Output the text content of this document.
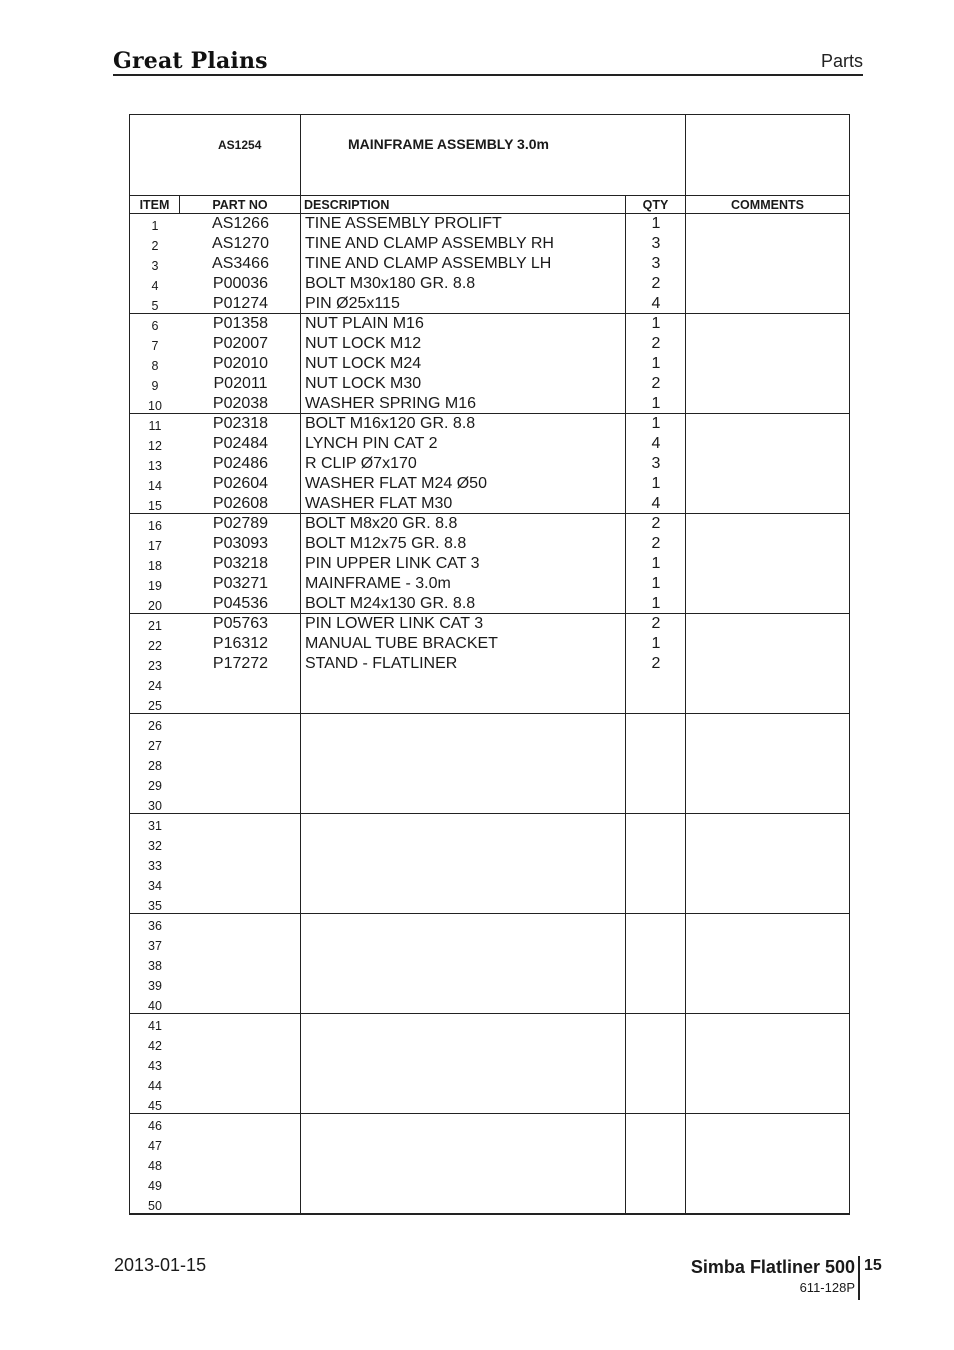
Great Plains	Parts
AS1254	MAINFRAME ASSEMBLY 3.0m
ITEM	PART NO	DESCRIPTION	QTY	COMMENTS
1	AS1266	TINE ASSEMBLY PROLIFT	1
2	AS1270	TINE AND CLAMP ASSEMBLY RH	3
3	AS3466	TINE AND CLAMP ASSEMBLY LH	3
4	P00036	BOLT M30x180 GR. 8.8	2
5	P01274	PIN Ø25x115	4
6	P01358	NUT PLAIN M16	1
7	P02007	NUT LOCK M12	2
8	P02010	NUT LOCK M24	1
9	P02011	NUT LOCK M30	2
10	P02038	WASHER SPRING M16	1
11	P02318	BOLT M16x120 GR. 8.8	1
12	P02484	LYNCH PIN CAT 2	4
13	P02486	R CLIP Ø7x170	3
14	P02604	WASHER FLAT M24 Ø50	1
15	P02608	WASHER FLAT M30	4
16	P02789	BOLT M8x20 GR. 8.8	2
17	P03093	BOLT M12x75 GR. 8.8	2
18	P03218	PIN UPPER LINK CAT 3	1
19	P03271	MAINFRAME - 3.0m	1
20	P04536	BOLT M24x130 GR. 8.8	1
21	P05763	PIN LOWER LINK CAT 3	2
22	P16312	MANUAL TUBE BRACKET	1
23	P17272	STAND - FLATLINER	2
24
25
26
27
28
29
30
31
32
33
34
35
36
37
38
39
40
41
42
43
44
45
46
47
48
49
50
2013-01-15	Simba Flatliner 500
611-128P
15
